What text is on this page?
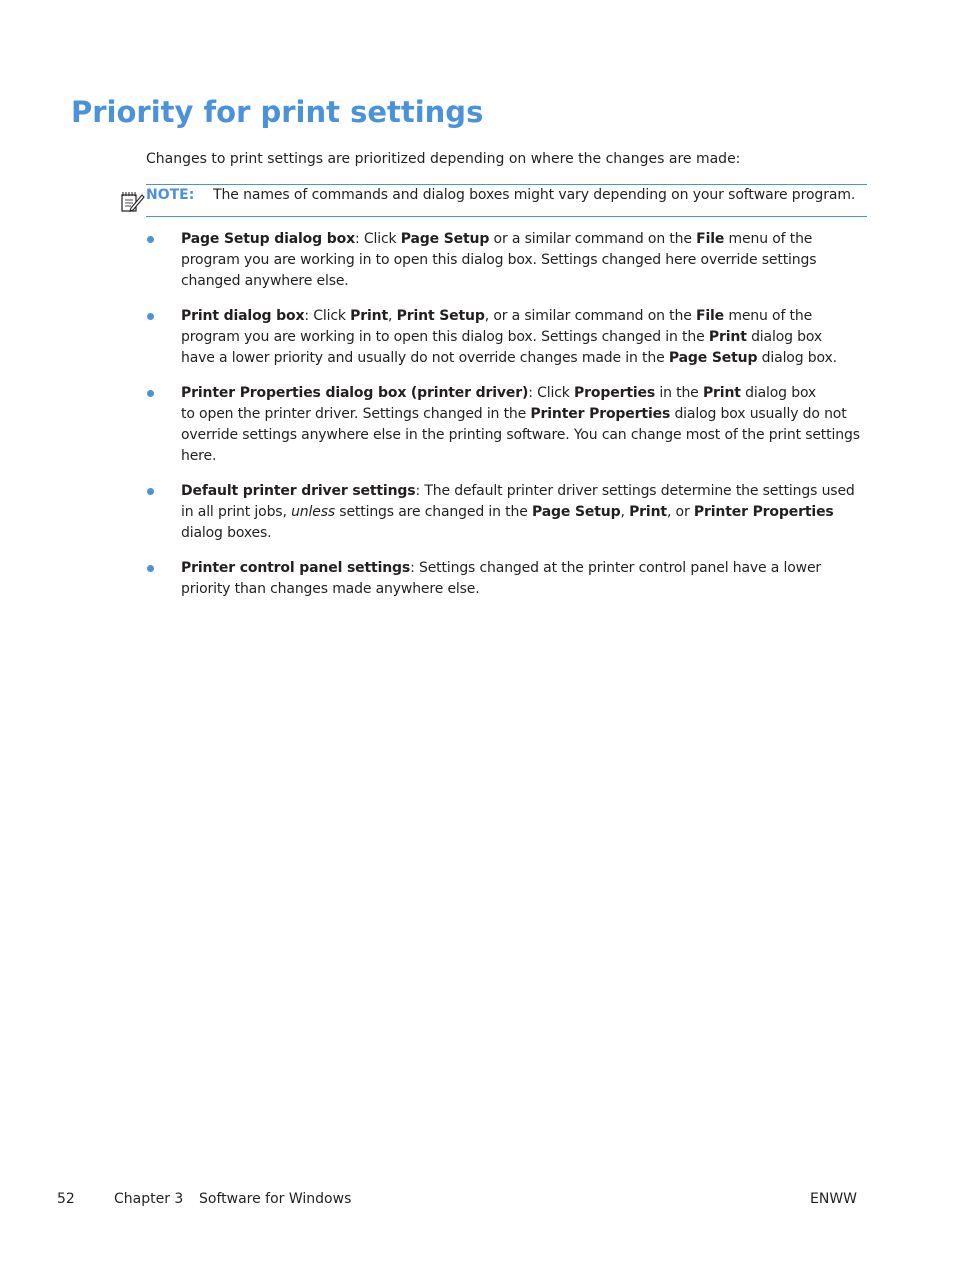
Priority for print settings

Changes to print settings are prioritized depending on where the changes are made:

NOTE: The names of commands and dialog boxes might vary depending on your software program.
Page Setup dialog box: Click Page Setup or a similar command on the File menu of the
program you are working in to open this dialog box. Settings changed here override settings
changed anywhere else.
Print dialog box: Click Print, Print Setup, or a similar command on the File menu of the
program you are working in to open this dialog box. Settings changed in the Print dialog box
have a lower priority and usually do not override changes made in the Page Setup dialog box.
Printer Properties dialog box (printer driver): Click Properties in the Print dialog box
to open the printer driver. Settings changed in the Printer Properties dialog box usually do not
override settings anywhere else in the printing software. You can change most of the print settings
here.
Default printer driver settings: The default printer driver settings determine the settings used
in all print jobs, unless settings are changed in the Page Setup, Print, or Printer Properties
dialog boxes.
Printer control panel settings: Settings changed at the printer control panel have a lower
priority than changes made anywhere else.
52	Chapter 3 Software for Windows	ENWW
